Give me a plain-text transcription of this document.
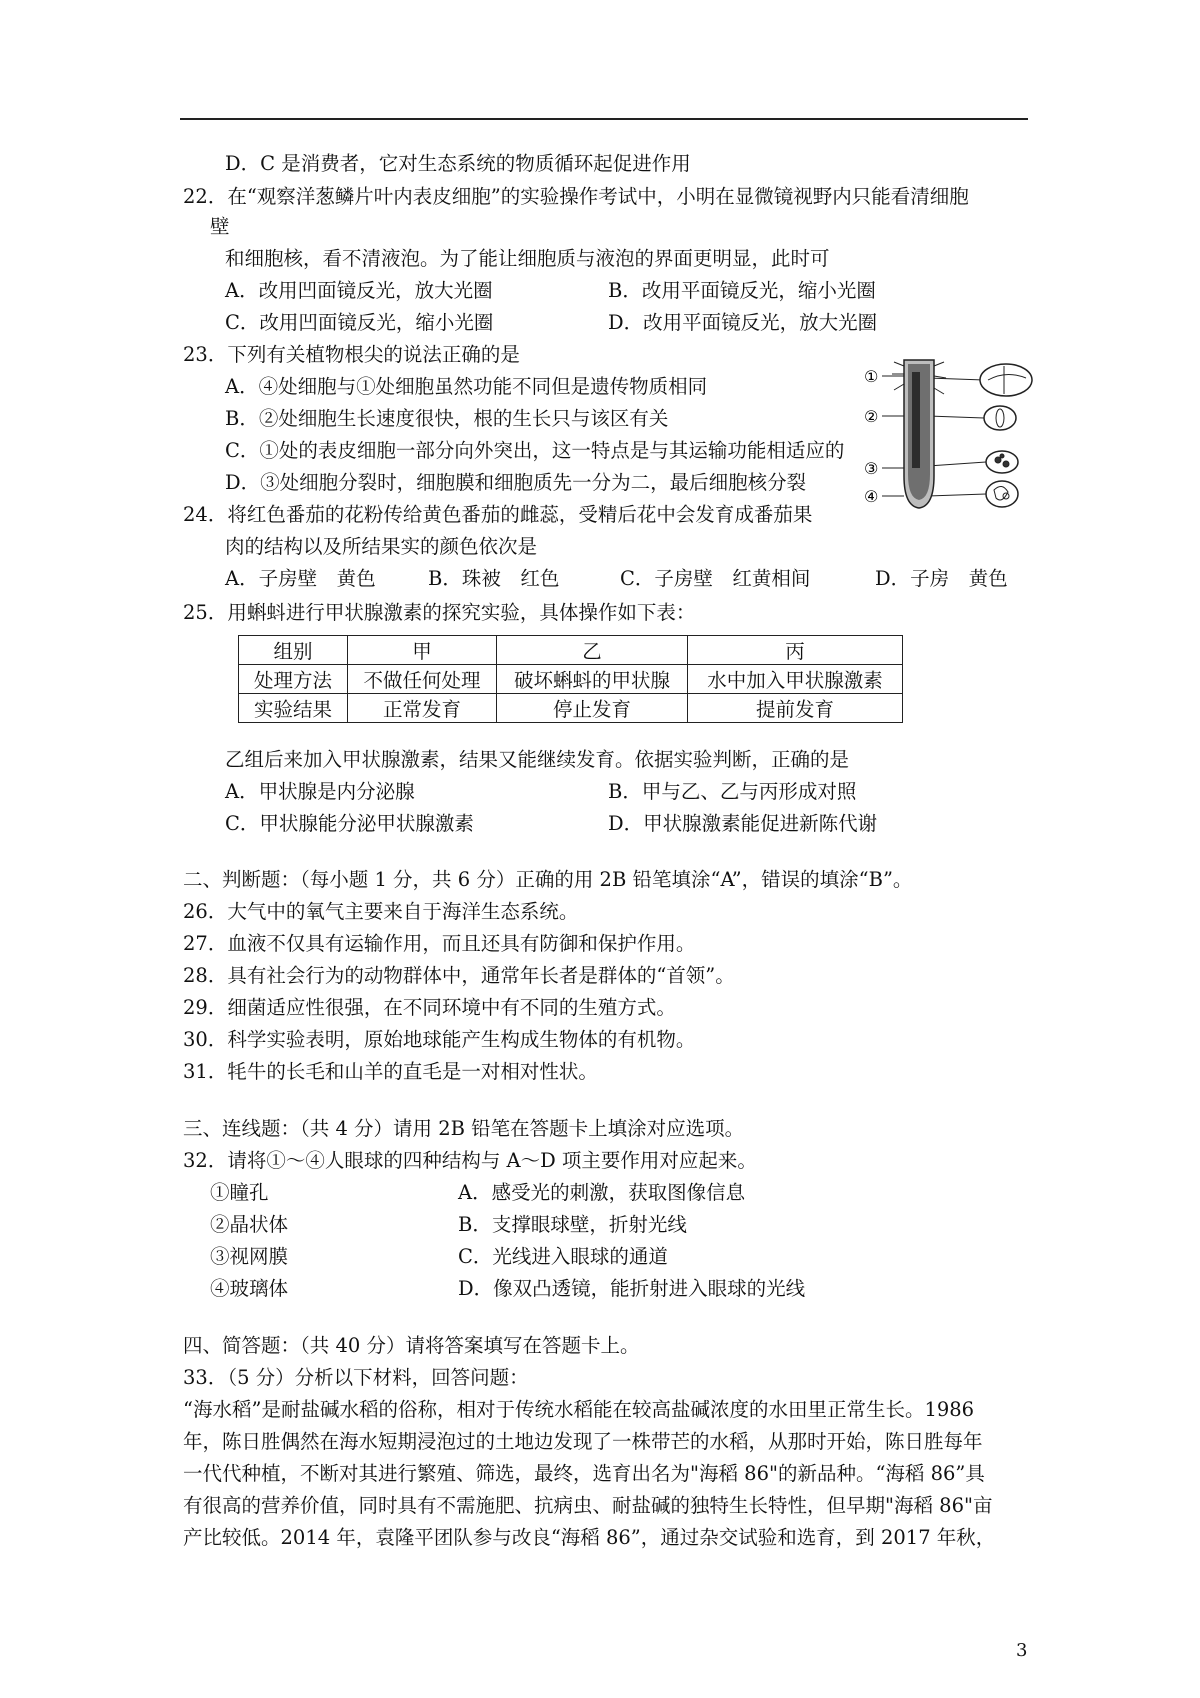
D．C 是消费者，它对生态系统的物质循环起促进作用
22．在“观察洋葱鳞片叶内表皮细胞”的实验操作考试中，小明在显微镜视野内只能看清细胞
壁
和细胞核，看不清液泡。为了能让细胞质与液泡的界面更明显，此时可
A．改用凹面镜反光，放大光圈	B．改用平面镜反光，缩小光圈
C．改用凹面镜反光，缩小光圈	D．改用平面镜反光，放大光圈
23．下列有关植物根尖的说法正确的是
A．④处细胞与①处细胞虽然功能不同但是遗传物质相同
B．②处细胞生长速度很快，根的生长只与该区有关
C．①处的表皮细胞一部分向外突出，这一特点是与其运输功能相适应的
D．③处细胞分裂时，细胞膜和细胞质先一分为二，最后细胞核分裂
①
②
③
④
24．将红色番茄的花粉传给黄色番茄的雌蕊，受精后花中会发育成番茄果
肉的结构以及所结果实的颜色依次是
A．子房壁　黄色	B．珠被　红色	C．子房壁　红黄相间	D．子房　黄色
25．用蝌蚪进行甲状腺激素的探究实验，具体操作如下表：
组别	甲	乙	丙
处理方法	不做任何处理	破坏蝌蚪的甲状腺	水中加入甲状腺激素
实验结果	正常发育	停止发育	提前发育
乙组后来加入甲状腺激素，结果又能继续发育。依据实验判断，正确的是
A．甲状腺是内分泌腺	B．甲与乙、乙与丙形成对照
C．甲状腺能分泌甲状腺激素	D．甲状腺激素能促进新陈代谢
二、判断题：（每小题 1 分，共 6 分）正确的用 2B 铅笔填涂“A”，错误的填涂“B”。
26．大气中的氧气主要来自于海洋生态系统。
27．血液不仅具有运输作用，而且还具有防御和保护作用。
28．具有社会行为的动物群体中，通常年长者是群体的“首领”。
29．细菌适应性很强，在不同环境中有不同的生殖方式。
30．科学实验表明，原始地球能产生构成生物体的有机物。
31．牦牛的长毛和山羊的直毛是一对相对性状。
三、连线题：（共 4 分）请用 2B 铅笔在答题卡上填涂对应选项。
32．请将①～④人眼球的四种结构与 A～D 项主要作用对应起来。
①瞳孔	A．感受光的刺激，获取图像信息
②晶状体	B．支撑眼球壁，折射光线
③视网膜	C．光线进入眼球的通道
④玻璃体	D．像双凸透镜，能折射进入眼球的光线
四、简答题：（共 40 分）请将答案填写在答题卡上。
33．（5 分）分析以下材料，回答问题：
“海水稻”是耐盐碱水稻的俗称，相对于传统水稻能在较高盐碱浓度的水田里正常生长。1986
年，陈日胜偶然在海水短期浸泡过的土地边发现了一株带芒的水稻，从那时开始，陈日胜每年
一代代种植，不断对其进行繁殖、筛选，最终，选育出名为"海稻 86"的新品种。“海稻 86”具
有很高的营养价值，同时具有不需施肥、抗病虫、耐盐碱的独特生长特性，但早期"海稻 86"亩
产比较低。2014 年，袁隆平团队参与改良“海稻 86”，通过杂交试验和选育，到 2017 年秋，
3
